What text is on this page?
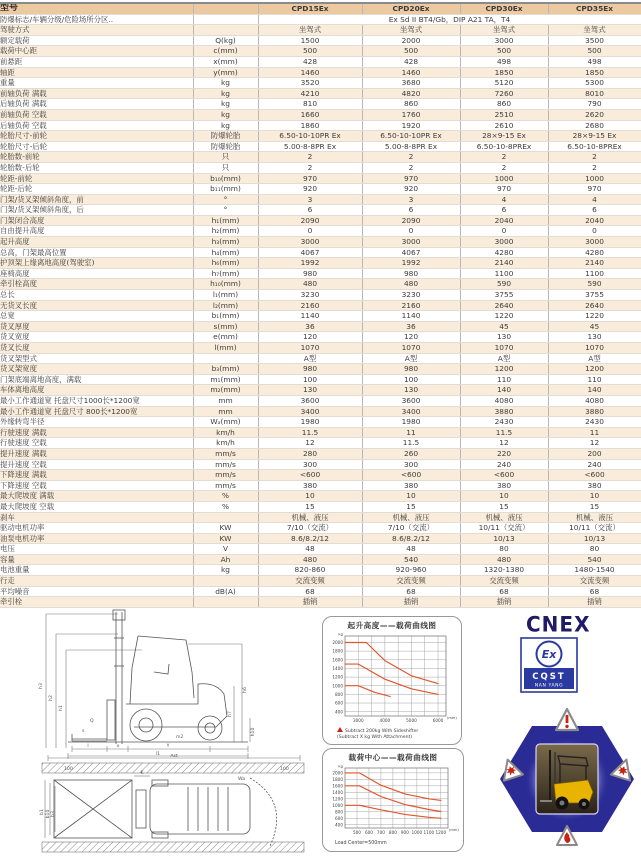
型号		CPD15Ex	CPD20Ex	CPD30Ex	CPD35Ex
防爆标志/车辆分级/危险场所分区..		Ex Sd II BT4/Gb，DIP A21 TA，T4			
驾驶方式		坐驾式	坐驾式	坐驾式	坐驾式
额定载荷	Q(kg)	1500	2000	3000	3500
载荷中心距	c(mm)	500	500	500	500
前悬距	x(mm)	428	428	498	498
轴距	y(mm)	1460	1460	1850	1850
重量	kg	3520	3680	5120	5300
前轴负荷 满载	kg	4210	4820	7260	8010
后轴负荷 满载	kg	810	860	860	790
前轴负荷 空载	kg	1660	1760	2510	2620
后轴负荷 空载	kg	1860	1920	2610	2680
轮胎尺寸-前轮	防爆轮胎	6.50-10-10PR Ex	6.50-10-10PR Ex	28×9-15 Ex	28×9-15 Ex
轮胎尺寸-后轮	防爆轮胎	5.00-8-8PR Ex	5.00-8-8PR Ex	6.50-10-8PREx	6.50-10-8PREx
轮胎数-前轮	只	2	2	2	2
轮胎数-后轮	只	2	2	2	2
轮距-前轮	b₁₀(mm)	970	970	1000	1000
轮距-后轮	b₁₁(mm)	920	920	970	970
门架/货叉架倾斜角度，前	°	3	3	4	4
门架/货叉架倾斜角度，后	°	6	6	6	6
门架闭合高度	h₁(mm)	2090	2090	2040	2040
自由提升高度	h₂(mm)	0	0	0	0
起升高度	h₃(mm)	3000	3000	3000	3000
总高，门架最高位置	h₄(mm)	4067	4067	4280	4280
护顶架上缘离地高度(驾驶室)	h₆(mm)	1992	1992	2140	2140
座椅高度	h₇(mm)	980	980	1100	1100
牵引栓高度	h₁₀(mm)	480	480	590	590
总长	l₁(mm)	3230	3230	3755	3755
无货叉长度	l₂(mm)	2160	2160	2640	2640
总宽	b₁(mm)	1140	1140	1220	1220
货叉厚度	s(mm)	36	36	45	45
货叉宽度	e(mm)	120	120	130	130
货叉长度	l(mm)	1070	1070	1070	1070
货叉架型式		A型	A型	A型	A型
货叉架宽度	b₃(mm)	980	980	1200	1200
门架底端离地高度，满载	m₁(mm)	100	100	110	110
车体离地高度	m₂(mm)	130	130	140	140
最小工作通道宽 托盘尺寸1000长*1200宽	mm	3600	3600	4080	4080
最小工作通道宽 托盘尺寸 800长*1200宽	mm	3400	3400	3880	3880
外缘转弯半径	Wₐ(mm)	1980	1980	2430	2430
行驶速度 满载	km/h	11.5	11	11.5	11
行驶速度 空载	km/h	12	11.5	12	12
提升速度 满载	mm/s	280	260	220	200
提升速度 空载	mm/s	300	300	240	240
下降速度 满载	mm/s	<600	<600	<600	<600
下降速度 空载	mm/s	380	380	380	380
最大爬坡度 满载	%	10	10	10	10
最大爬坡度 空载	%	15	15	15	15
刹车		机械、液压	机械、液压	机械、液压	机械、液压
驱动电机功率	KW	7/10（交流）	7/10（交流）	10/11（交流）	10/11（交流）
油泵电机功率	KW	8.6/8.2/12	8.6/8.2/12	10/13	10/13
电压	V	48	48	80	80
容量	Ah	480	540	480	540
电池重量	kg	820-860	920-960	1320-1380	1480-1540
行走		交流变频	交流变频	交流变频	交流变频
平均噪音	dB(A)	68	68	68	68
牵引栓		插销	插销	插销	插销
h3
h2
h1
h6
h7
h10
s
Q
m2
l	x	Y
l1 Ast
100	100
K
Wa
b1 b10 b3
起升高度——载荷曲线图
2000
1800
1600
1400
1200
1000
800
600
400
3000	4000	5000	6000
kg
(mm)
Subtract 200kg With Sideshifter
(Subtract X kg With Attachment)
载荷中心——载荷曲线图
2000
1800
1600
1400
1200
1000
800
600
400
500 600 700 800 900 1000 1100 1200
kg
(mm)
Load Center=500mm
CNEX
Ex
CQST
NAN YANG
